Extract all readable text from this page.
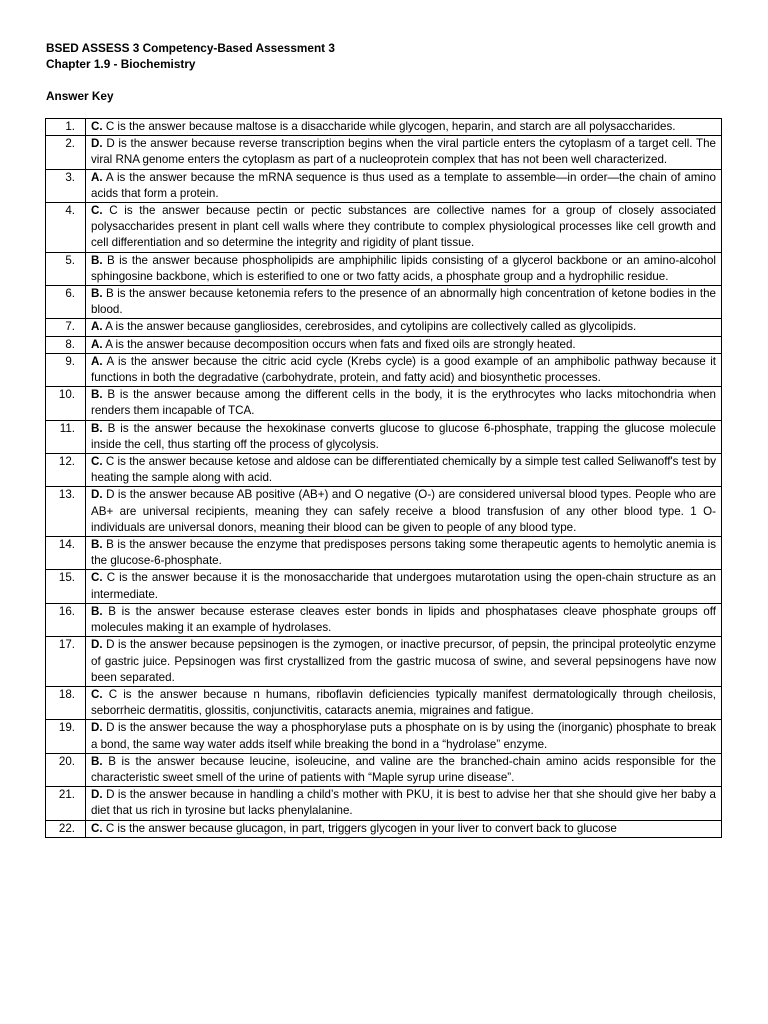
BSED ASSESS 3 Competency-Based Assessment 3
Chapter 1.9 - Biochemistry
Answer Key
1.	C. C is the answer because maltose is a disaccharide while glycogen, heparin, and starch are all polysaccharides.
2.	D. D is the answer because reverse transcription begins when the viral particle enters the cytoplasm of a target cell. The viral RNA genome enters the cytoplasm as part of a nucleoprotein complex that has not been well characterized.
3.	A. A is the answer because the mRNA sequence is thus used as a template to assemble—in order—the chain of amino acids that form a protein.
4.	C. C is the answer because pectin or pectic substances are collective names for a group of closely associated polysaccharides present in plant cell walls where they contribute to complex physiological processes like cell growth and cell differentiation and so determine the integrity and rigidity of plant tissue.
5.	B. B is the answer because phospholipids are amphiphilic lipids consisting of a glycerol backbone or an amino-alcohol sphingosine backbone, which is esterified to one or two fatty acids, a phosphate group and a hydrophilic residue.
6.	B. B is the answer because ketonemia refers to the presence of an abnormally high concentration of ketone bodies in the blood.
7.	A. A is the answer because gangliosides, cerebrosides, and cytolipins are collectively called as glycolipids.
8.	A. A is the answer because decomposition occurs when fats and fixed oils are strongly heated.
9.	A. A is the answer because the citric acid cycle (Krebs cycle) is a good example of an amphibolic pathway because it functions in both the degradative (carbohydrate, protein, and fatty acid) and biosynthetic processes.
10.	B. B is the answer because among the different cells in the body, it is the erythrocytes who lacks mitochondria when renders them incapable of TCA.
11.	B. B is the answer because the hexokinase converts glucose to glucose 6-phosphate, trapping the glucose molecule inside the cell, thus starting off the process of glycolysis.
12.	C. C is the answer because ketose and aldose can be differentiated chemically by a simple test called Seliwanoff's test by heating the sample along with acid.
13.	D. D is the answer because AB positive (AB+) and O negative (O-) are considered universal blood types. People who are AB+ are universal recipients, meaning they can safely receive a blood transfusion of any other blood type. 1 O- individuals are universal donors, meaning their blood can be given to people of any blood type.
14.	B. B is the answer because the enzyme that predisposes persons taking some therapeutic agents to hemolytic anemia is the glucose-6-phosphate.
15.	C. C is the answer because it is the monosaccharide that undergoes mutarotation using the open-chain structure as an intermediate.
16.	B. B is the answer because esterase cleaves ester bonds in lipids and phosphatases cleave phosphate groups off molecules making it an example of hydrolases.
17.	D. D is the answer because pepsinogen is the zymogen, or inactive precursor, of pepsin, the principal proteolytic enzyme of gastric juice. Pepsinogen was first crystallized from the gastric mucosa of swine, and several pepsinogens have now been separated.
18.	C. C is the answer because n humans, riboflavin deficiencies typically manifest dermatologically through cheilosis, seborrheic dermatitis, glossitis, conjunctivitis, cataracts anemia, migraines and fatigue.
19.	D. D is the answer because the way a phosphorylase puts a phosphate on is by using the (inorganic) phosphate to break a bond, the same way water adds itself while breaking the bond in a “hydrolase” enzyme.
20.	B. B is the answer because leucine, isoleucine, and valine are the branched-chain amino acids responsible for the characteristic sweet smell of the urine of patients with “Maple syrup urine disease”.
21.	D. D is the answer because in handling a child’s mother with PKU, it is best to advise her that she should give her baby a diet that us rich in tyrosine but lacks phenylalanine.
22.	C. C is the answer because glucagon, in part, triggers glycogen in your liver to convert back to glucose
